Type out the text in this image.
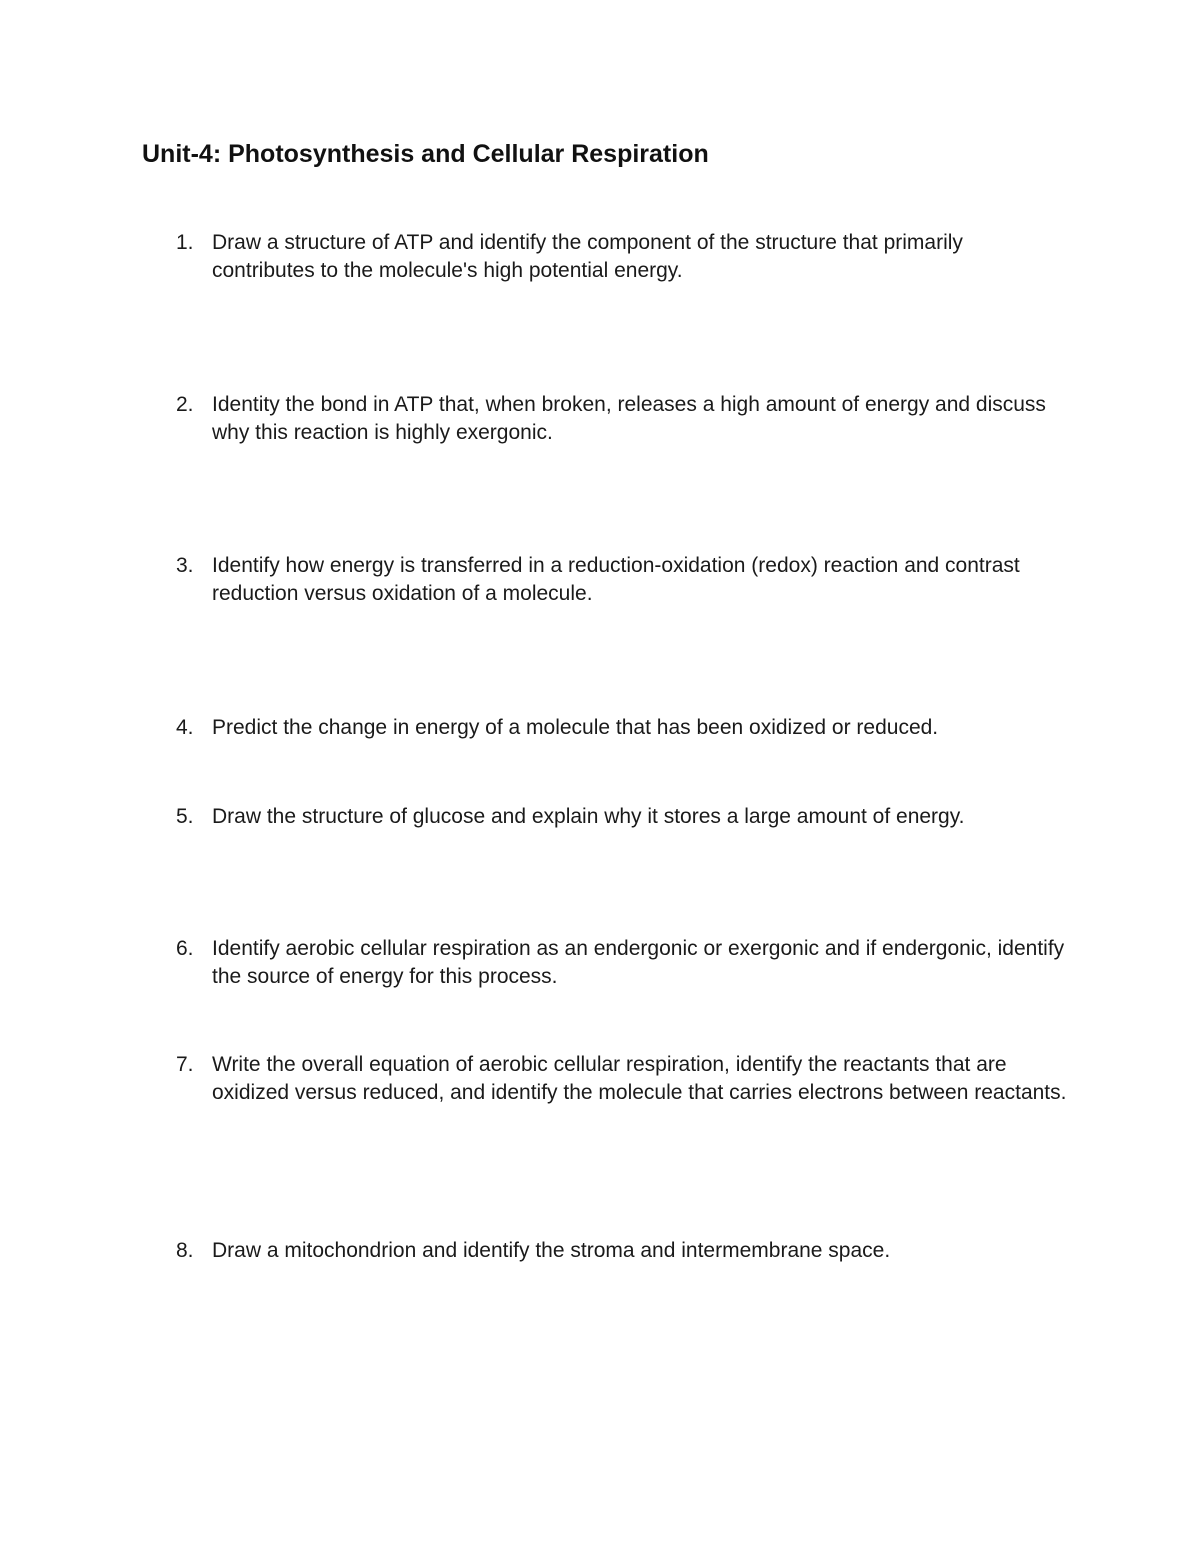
Unit-4: Photosynthesis and Cellular Respiration
1. Draw a structure of ATP and identify the component of the structure that primarily contributes to the molecule's high potential energy.
2. Identity the bond in ATP that, when broken, releases a high amount of energy and discuss why this reaction is highly exergonic.
3. Identify how energy is transferred in a reduction-oxidation (redox) reaction and contrast reduction versus oxidation of a molecule.
4. Predict the change in energy of a molecule that has been oxidized or reduced.
5. Draw the structure of glucose and explain why it stores a large amount of energy.
6. Identify aerobic cellular respiration as an endergonic or exergonic and if endergonic, identify the source of energy for this process.
7. Write the overall equation of aerobic cellular respiration, identify the reactants that are oxidized versus reduced, and identify the molecule that carries electrons between reactants.
8. Draw a mitochondrion and identify the stroma and intermembrane space.
